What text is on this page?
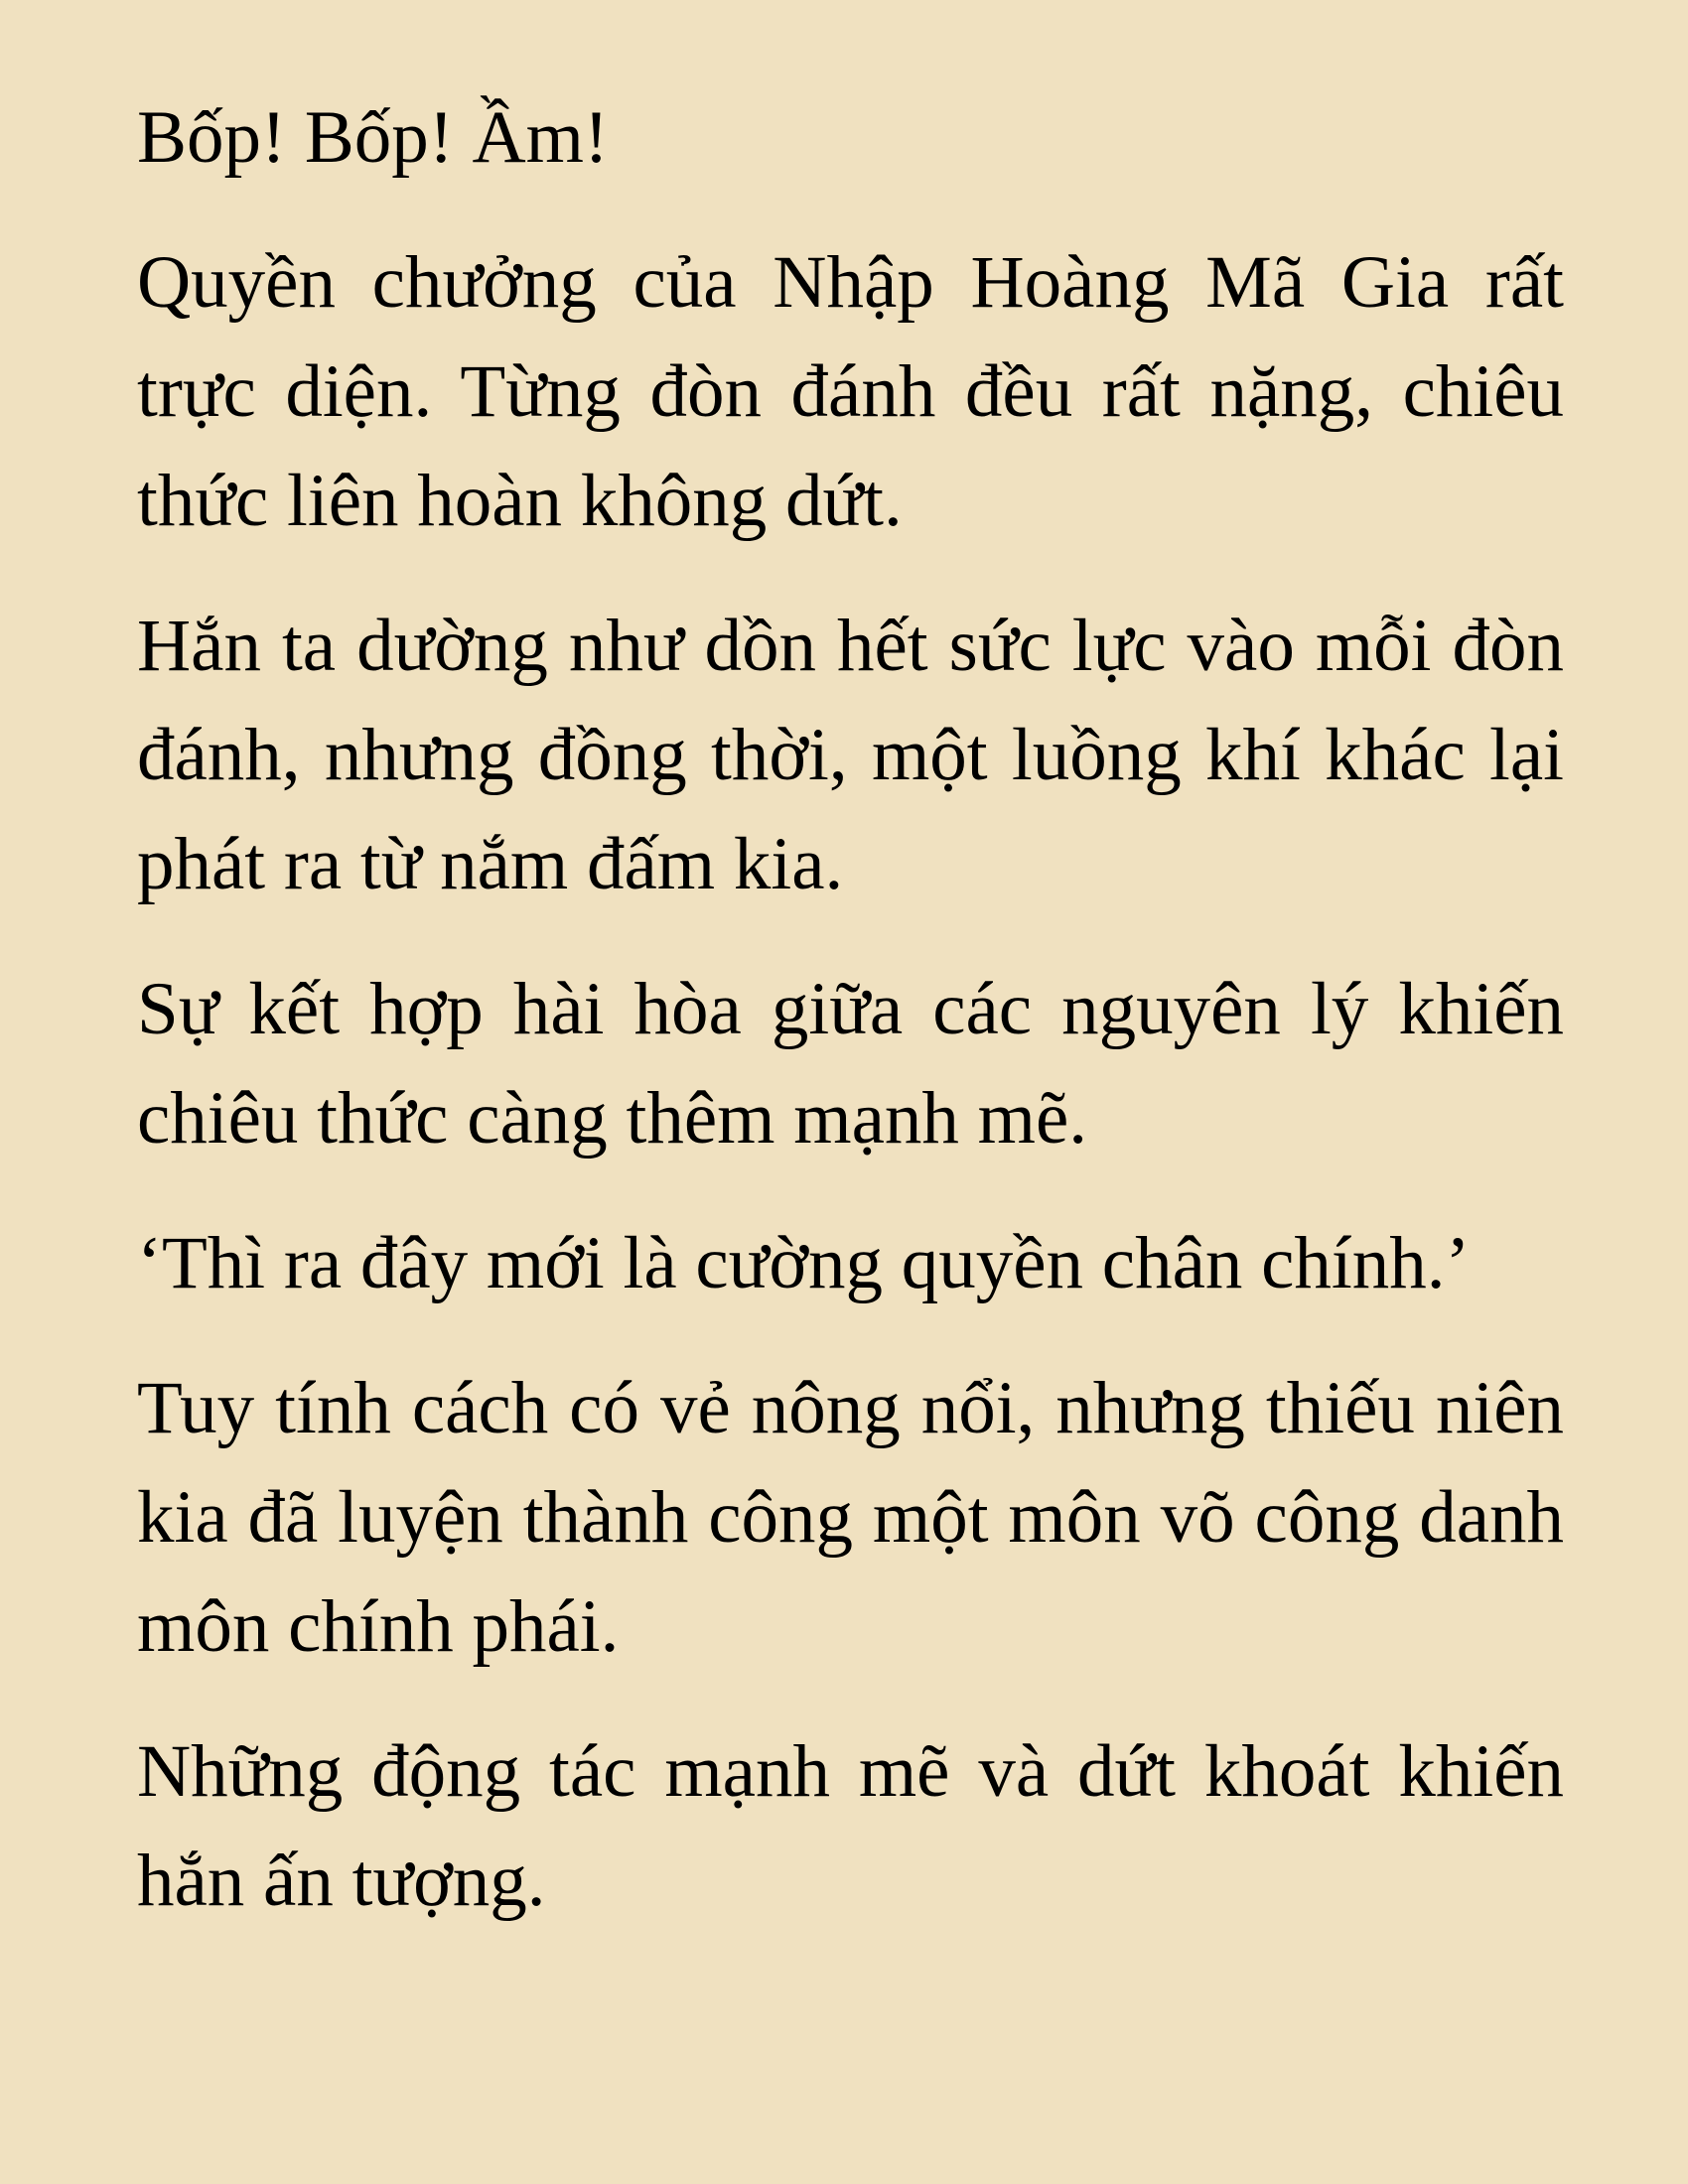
Bốp! Bốp! Ầm!

Quyền chưởng của Nhập Hoàng Mã Gia rất trực diện. Từng đòn đánh đều rất nặng, chiêu thức liên hoàn không dứt.

Hắn ta dường như dồn hết sức lực vào mỗi đòn đánh, nhưng đồng thời, một luồng khí khác lại phát ra từ nắm đấm kia.

Sự kết hợp hài hòa giữa các nguyên lý khiến chiêu thức càng thêm mạnh mẽ.

‘Thì ra đây mới là cường quyền chân chính.’

Tuy tính cách có vẻ nông nổi, nhưng thiếu niên kia đã luyện thành công một môn võ công danh môn chính phái.

Những động tác mạnh mẽ và dứt khoát khiến hắn ấn tượng.
